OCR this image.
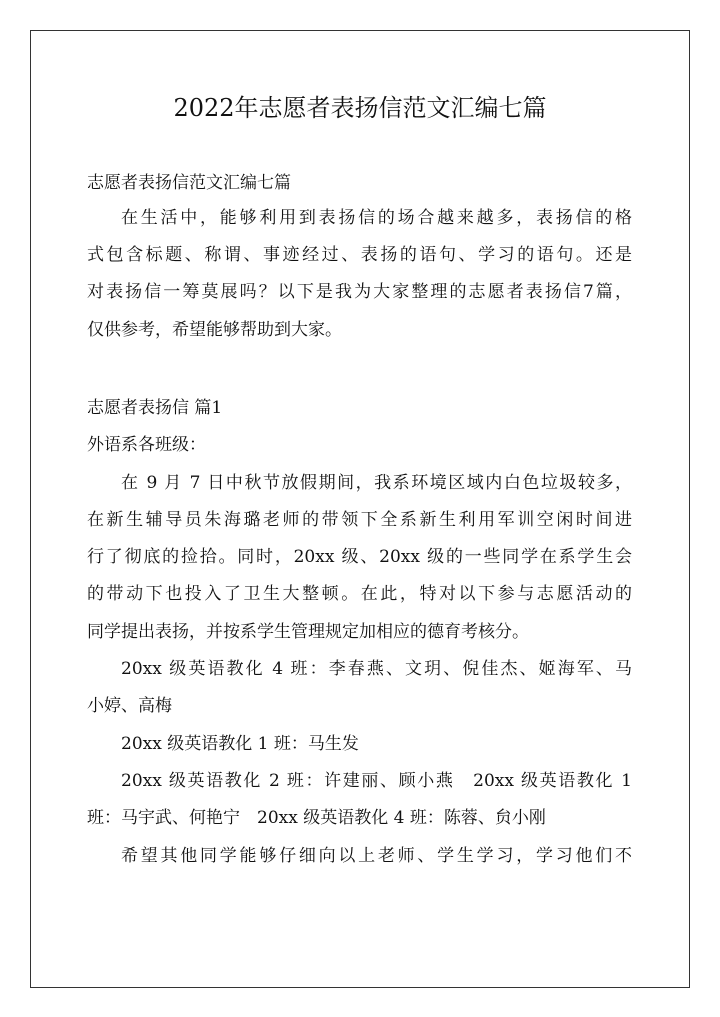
2022年志愿者表扬信范文汇编七篇
志愿者表扬信范文汇编七篇
在生活中，能够利用到表扬信的场合越来越多，表扬信的格
式包含标题、称谓、事迹经过、表扬的语句、学习的语句。还是
对表扬信一筹莫展吗？以下是我为大家整理的志愿者表扬信7篇，
仅供参考，希望能够帮助到大家。
志愿者表扬信 篇1
外语系各班级：
在 9 月 7 日中秋节放假期间，我系环境区域内白色垃圾较多，
在新生辅导员朱海璐老师的带领下全系新生利用军训空闲时间进
行了彻底的捡拾。同时，20xx 级、20xx 级的一些同学在系学生会
的带动下也投入了卫生大整顿。在此，特对以下参与志愿活动的
同学提出表扬，并按系学生管理规定加相应的德育考核分。
20xx 级英语教化 4 班：李春燕、文玥、倪佳杰、姬海军、马
小婷、高梅
20xx 级英语教化 1 班：马生发
20xx 级英语教化 2 班：许建丽、顾小燕　20xx 级英语教化 1
班：马宇武、何艳宁　20xx 级英语教化 4 班：陈蓉、贠小刚
希望其他同学能够仔细向以上老师、学生学习，学习他们不
